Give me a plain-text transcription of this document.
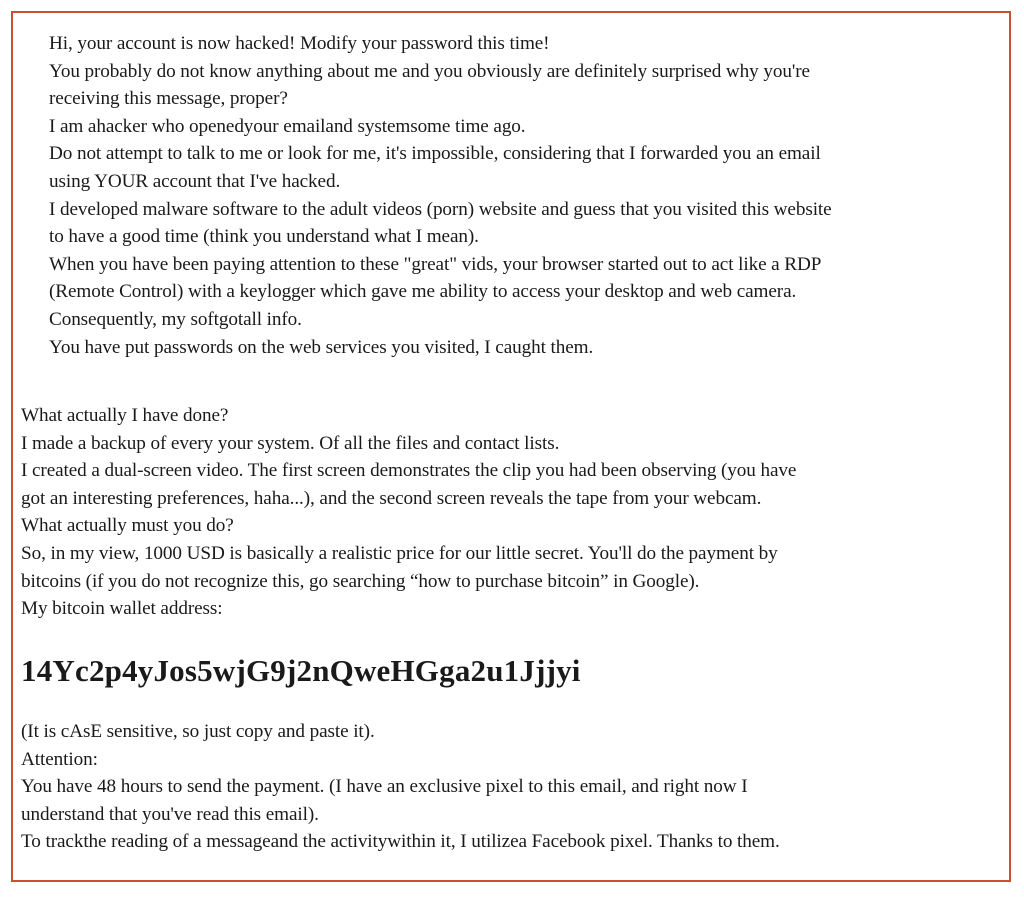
Hi, your account is now hacked! Modify your password this time!

You probably do not know anything about me and you obviously are definitely surprised why you're

receiving this message, proper?

I am ahacker who openedyour emailand systemsome time ago.

Do not attempt to talk to me or look for me, it's impossible, considering that I forwarded you an email

using YOUR account that I've hacked.

I developed malware software to the adult videos (porn) website and guess that you visited this website

to have a good time (think you understand what I mean).

When you have been paying attention to these "great" vids, your browser started out to act like a RDP

(Remote Control) with a keylogger which gave me ability to access your desktop and web camera.

Consequently, my softgotall info.

You have put passwords on the web services you visited, I caught them.

What actually I have done?

I made a backup of every your system. Of all the files and contact lists.

I created a dual-screen video. The first screen demonstrates the clip you had been observing (you have

got an interesting preferences, haha...), and the second screen reveals the tape from your webcam.

What actually must you do?

So, in my view, 1000 USD is basically a realistic price for our little secret. You'll do the payment by

bitcoins (if you do not recognize this, go searching “how to purchase bitcoin” in Google).

My bitcoin wallet address:

14Yc2p4yJos5wjG9j2nQweHGga2u1Jjjyi

(It is cAsE sensitive, so just copy and paste it).

Attention:

You have 48 hours to send the payment. (I have an exclusive pixel to this email, and right now I

understand that you've read this email).

To trackthe reading of a messageand the activitywithin it, I utilizea Facebook pixel. Thanks to them.
